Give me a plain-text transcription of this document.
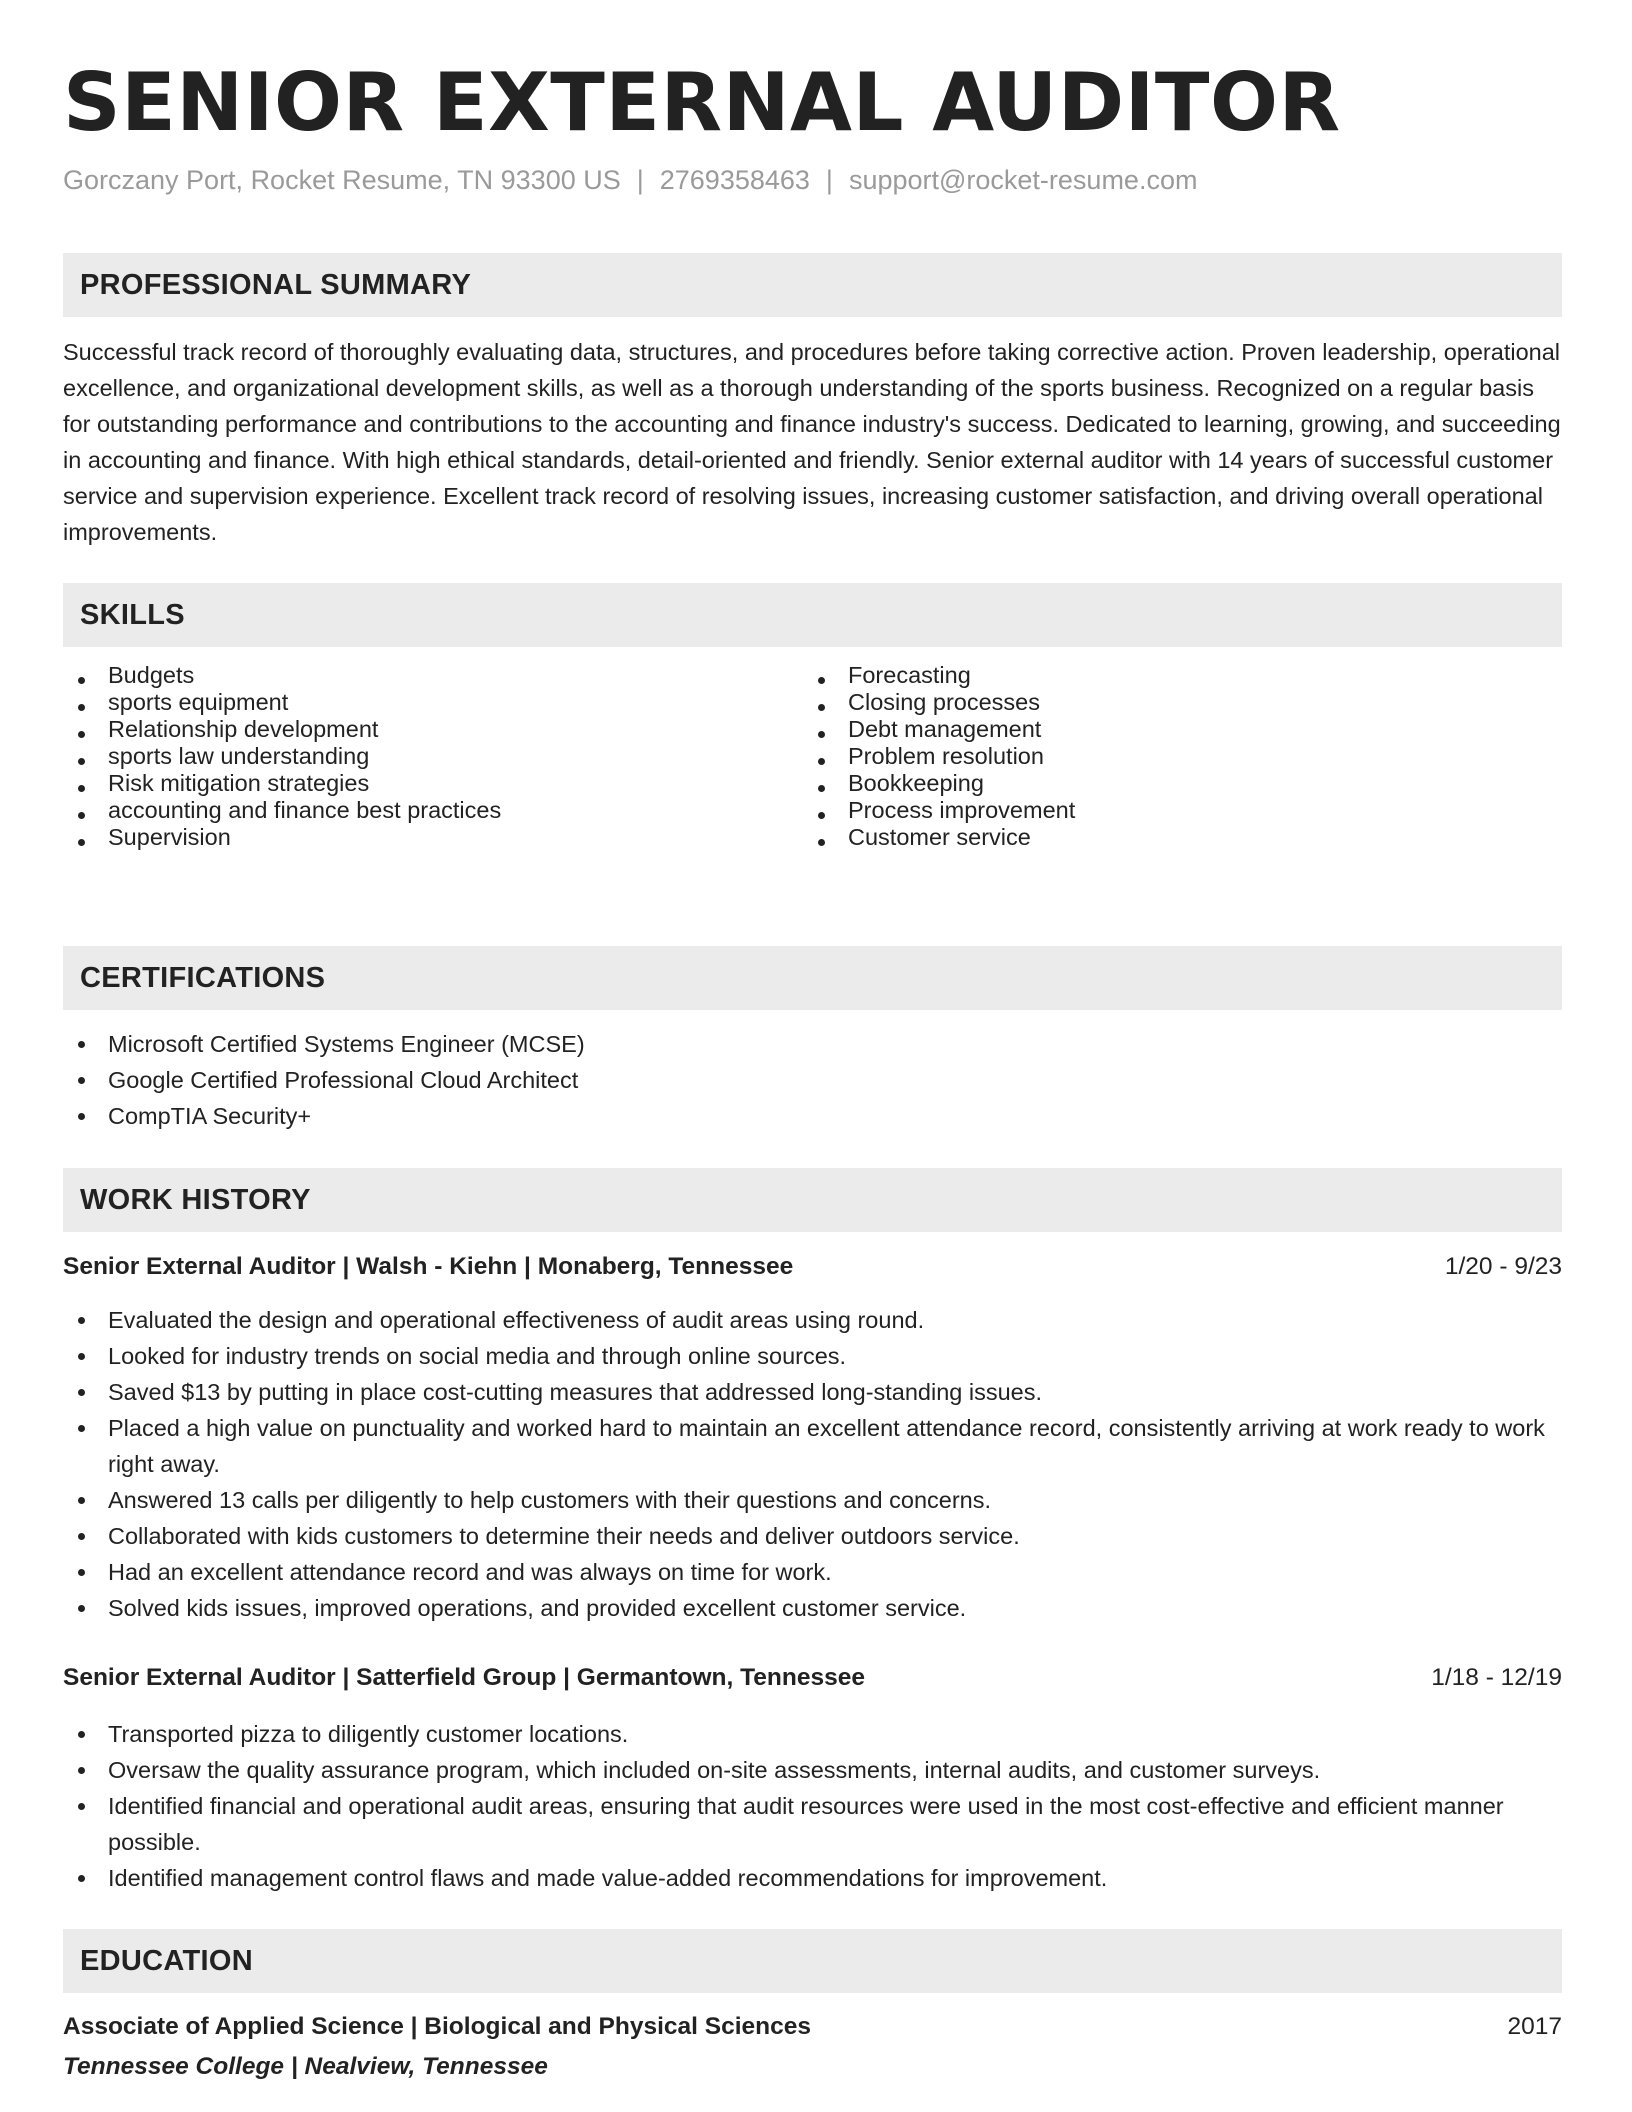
SENIOR EXTERNAL AUDITOR

Gorczany Port, Rocket Resume, TN 93300 US | 2769358463 | support@rocket-resume.com

PROFESSIONAL SUMMARY

Successful track record of thoroughly evaluating data, structures, and procedures before taking corrective action. Proven leadership, operational excellence, and organizational development skills, as well as a thorough understanding of the sports business. Recognized on a regular basis for outstanding performance and contributions to the accounting and finance industry's success. Dedicated to learning, growing, and succeeding in accounting and finance. With high ethical standards, detail-oriented and friendly. Senior external auditor with 14 years of successful customer service and supervision experience. Excellent track record of resolving issues, increasing customer satisfaction, and driving overall operational improvements.

SKILLS
Budgets
sports equipment
Relationship development
sports law understanding
Risk mitigation strategies
accounting and finance best practices
Supervision
Forecasting
Closing processes
Debt management
Problem resolution
Bookkeeping
Process improvement
Customer service
CERTIFICATIONS
Microsoft Certified Systems Engineer (MCSE)
Google Certified Professional Cloud Architect
CompTIA Security+
WORK HISTORY

Senior External Auditor | Walsh - Kiehn | Monaberg, Tennessee	1/20 - 9/23

Evaluated the design and operational effectiveness of audit areas using round.
Looked for industry trends on social media and through online sources.
Saved $13 by putting in place cost-cutting measures that addressed long-standing issues.
Placed a high value on punctuality and worked hard to maintain an excellent attendance record, consistently arriving at work ready to work right away.
Answered 13 calls per diligently to help customers with their questions and concerns.
Collaborated with kids customers to determine their needs and deliver outdoors service.
Had an excellent attendance record and was always on time for work.
Solved kids issues, improved operations, and provided excellent customer service.

Senior External Auditor | Satterfield Group | Germantown, Tennessee	1/18 - 12/19

Transported pizza to diligently customer locations.
Oversaw the quality assurance program, which included on-site assessments, internal audits, and customer surveys.
Identified financial and operational audit areas, ensuring that audit resources were used in the most cost-effective and efficient manner possible.
Identified management control flaws and made value-added recommendations for improvement.
EDUCATION

Associate of Applied Science | Biological and Physical Sciences	2017

Tennessee College | Nealview, Tennessee
